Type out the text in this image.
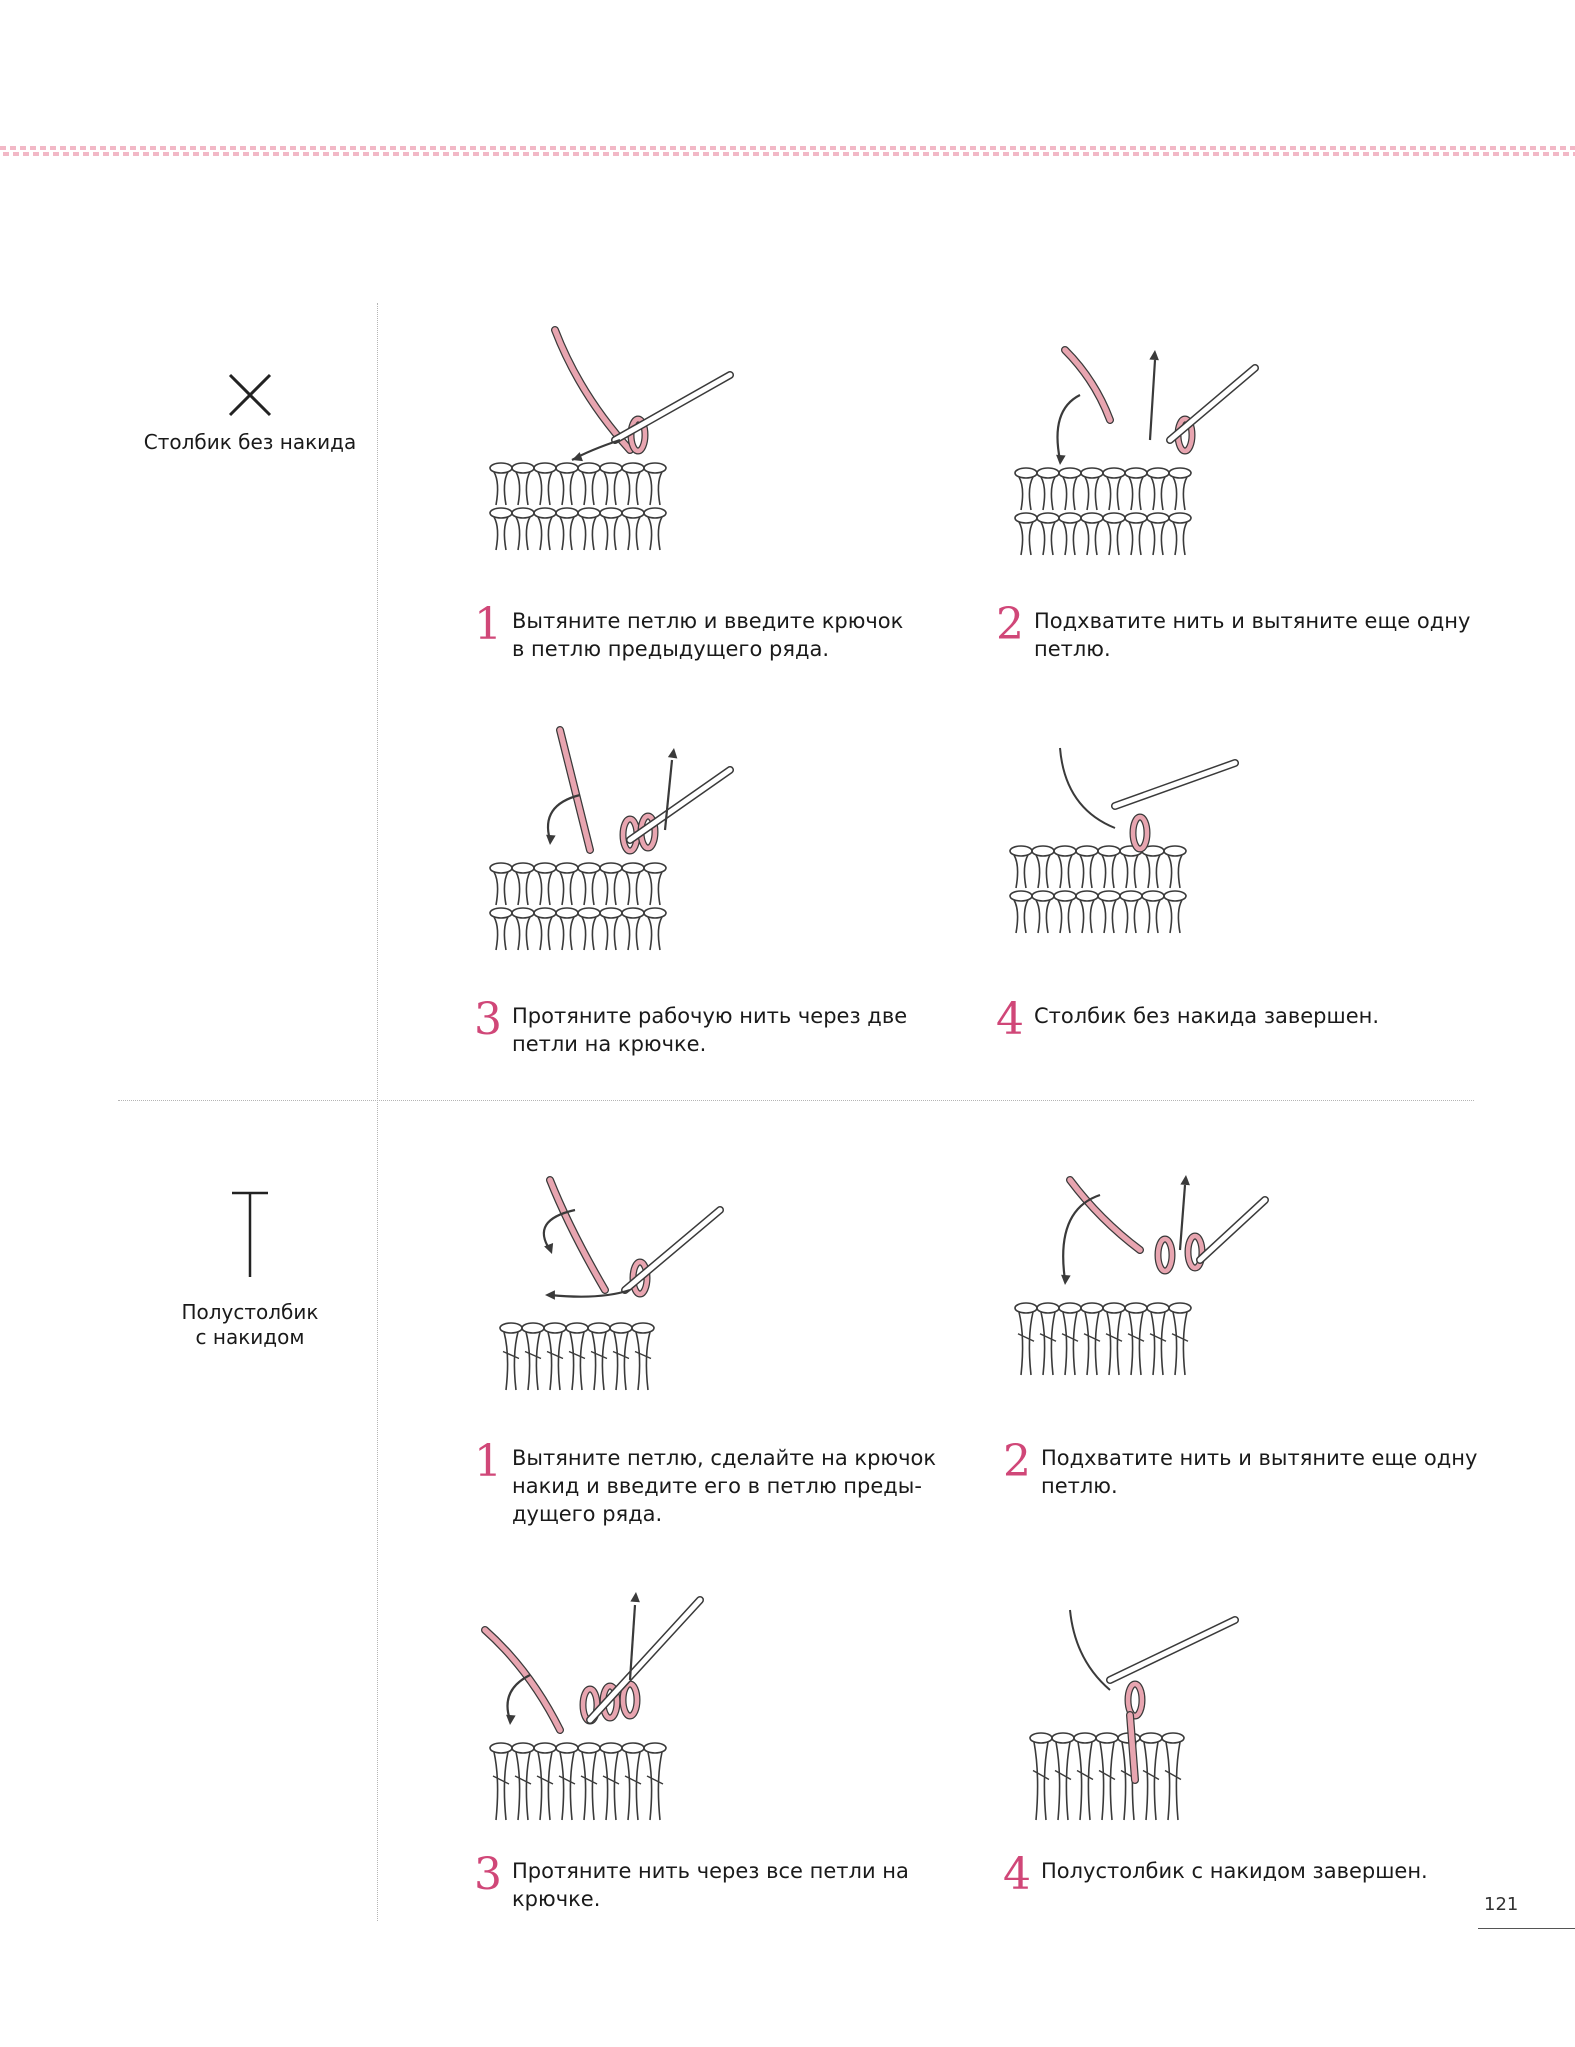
Столбик без накида
Полустолбик
с накидом
1 Вытяните петлю и введите крючок
в петлю предыдущего ряда.	2 Подхватите нить и вытяните еще одну
петлю.
3 Протяните рабочую нить через две
петли на крючке.	4 Столбик без накида завершен.
1 Вытяните петлю, сделайте на крючок
накид и введите его в петлю преды-
дущего ряда.
2 Подхватите нить и вытяните еще одну
петлю.
3 Протяните нить через все петли на
крючке.	4 Полустолбик с накидом завершен.
121
